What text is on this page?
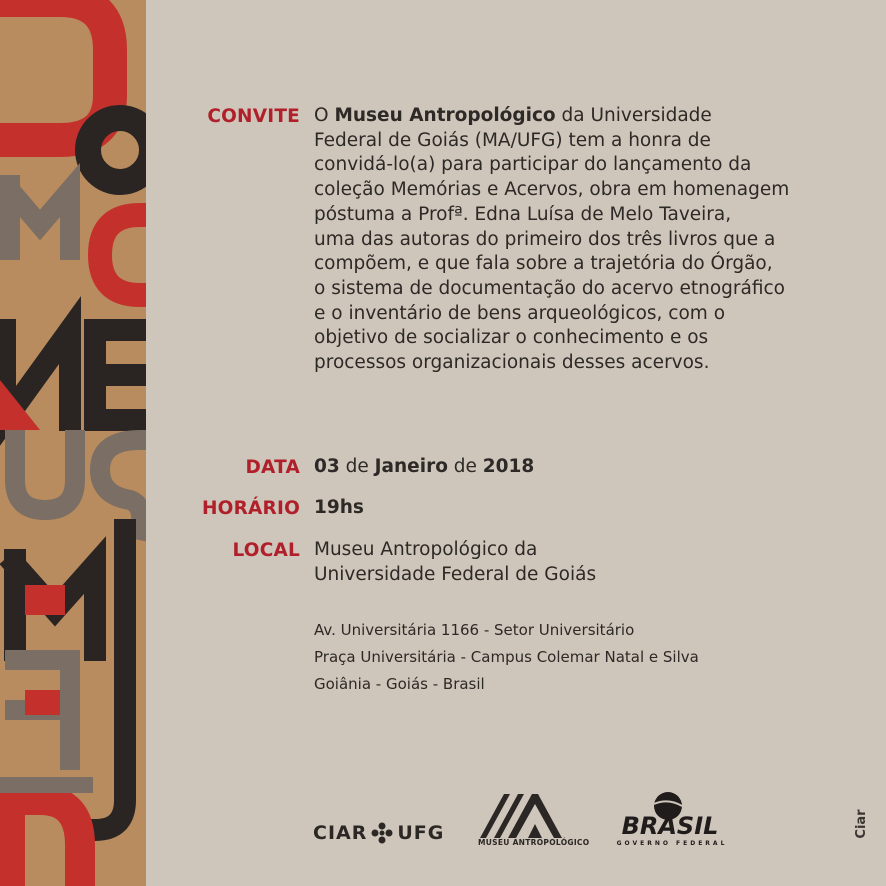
CONVITE O Museu Antropológico da Universidade
Federal de Goiás (MA/UFG) tem a honra de
convidá-lo(a) para participar do lançamento da
coleção Memórias e Acervos, obra em homenagem
póstuma a Profª. Edna Luísa de Melo Taveira,
uma das autoras do primeiro dos três livros que a
compõem, e que fala sobre a trajetória do Órgão,
o sistema de documentação do acervo etnográfico
e o inventário de bens arqueológicos, com o
objetivo de socializar o conhecimento e os
processos organizacionais desses acervos.
DATA 03 de Janeiro de 2018
HORÁRIO 19hs
LOCAL Museu Antropológico da
Universidade Federal de Goiás
Av. Universitária 1166 - Setor Universitário
Praça Universitária - Campus Colemar Natal e Silva
Goiânia - Goiás - Brasil
CIAR UFG	MUSEU ANTROPOLÓGICO
BRASIL
GOVERNO FEDERAL
Ciar
